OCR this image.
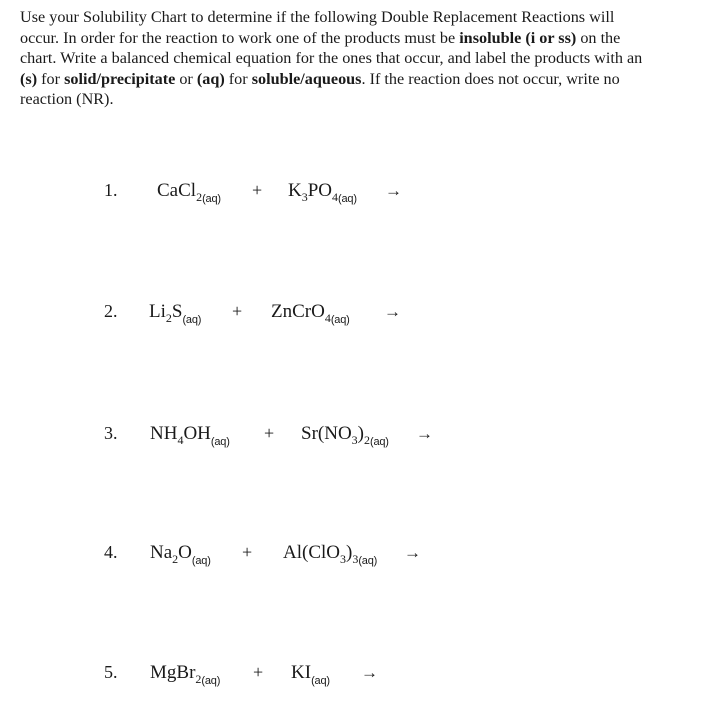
Use your Solubility Chart to determine if the following Double Replacement Reactions will
occur. In order for the reaction to work one of the products must be insoluble (i or ss) on the
chart. Write a balanced chemical equation for the ones that occur, and label the products with an
(s) for solid/precipitate or (aq) for soluble/aqueous. If the reaction does not occur, write no
reaction (NR).
1. CaCl$_{2(aq)}$ + $K_3PO_{4(aq)}$ →
2. $Li_2S_{(aq)}$ + ZnCrO$_{4(aq)}$ →
3. $NH_4OH_{(aq)} + Sr(NO_3)_{2(aq)}$ →
4. $Na_2O_{(aq)} + Al(ClO_3)_{3(aq)}$ →
5. MgBr$_{2(aq)}$ + $KI_{(aq)}$ →
